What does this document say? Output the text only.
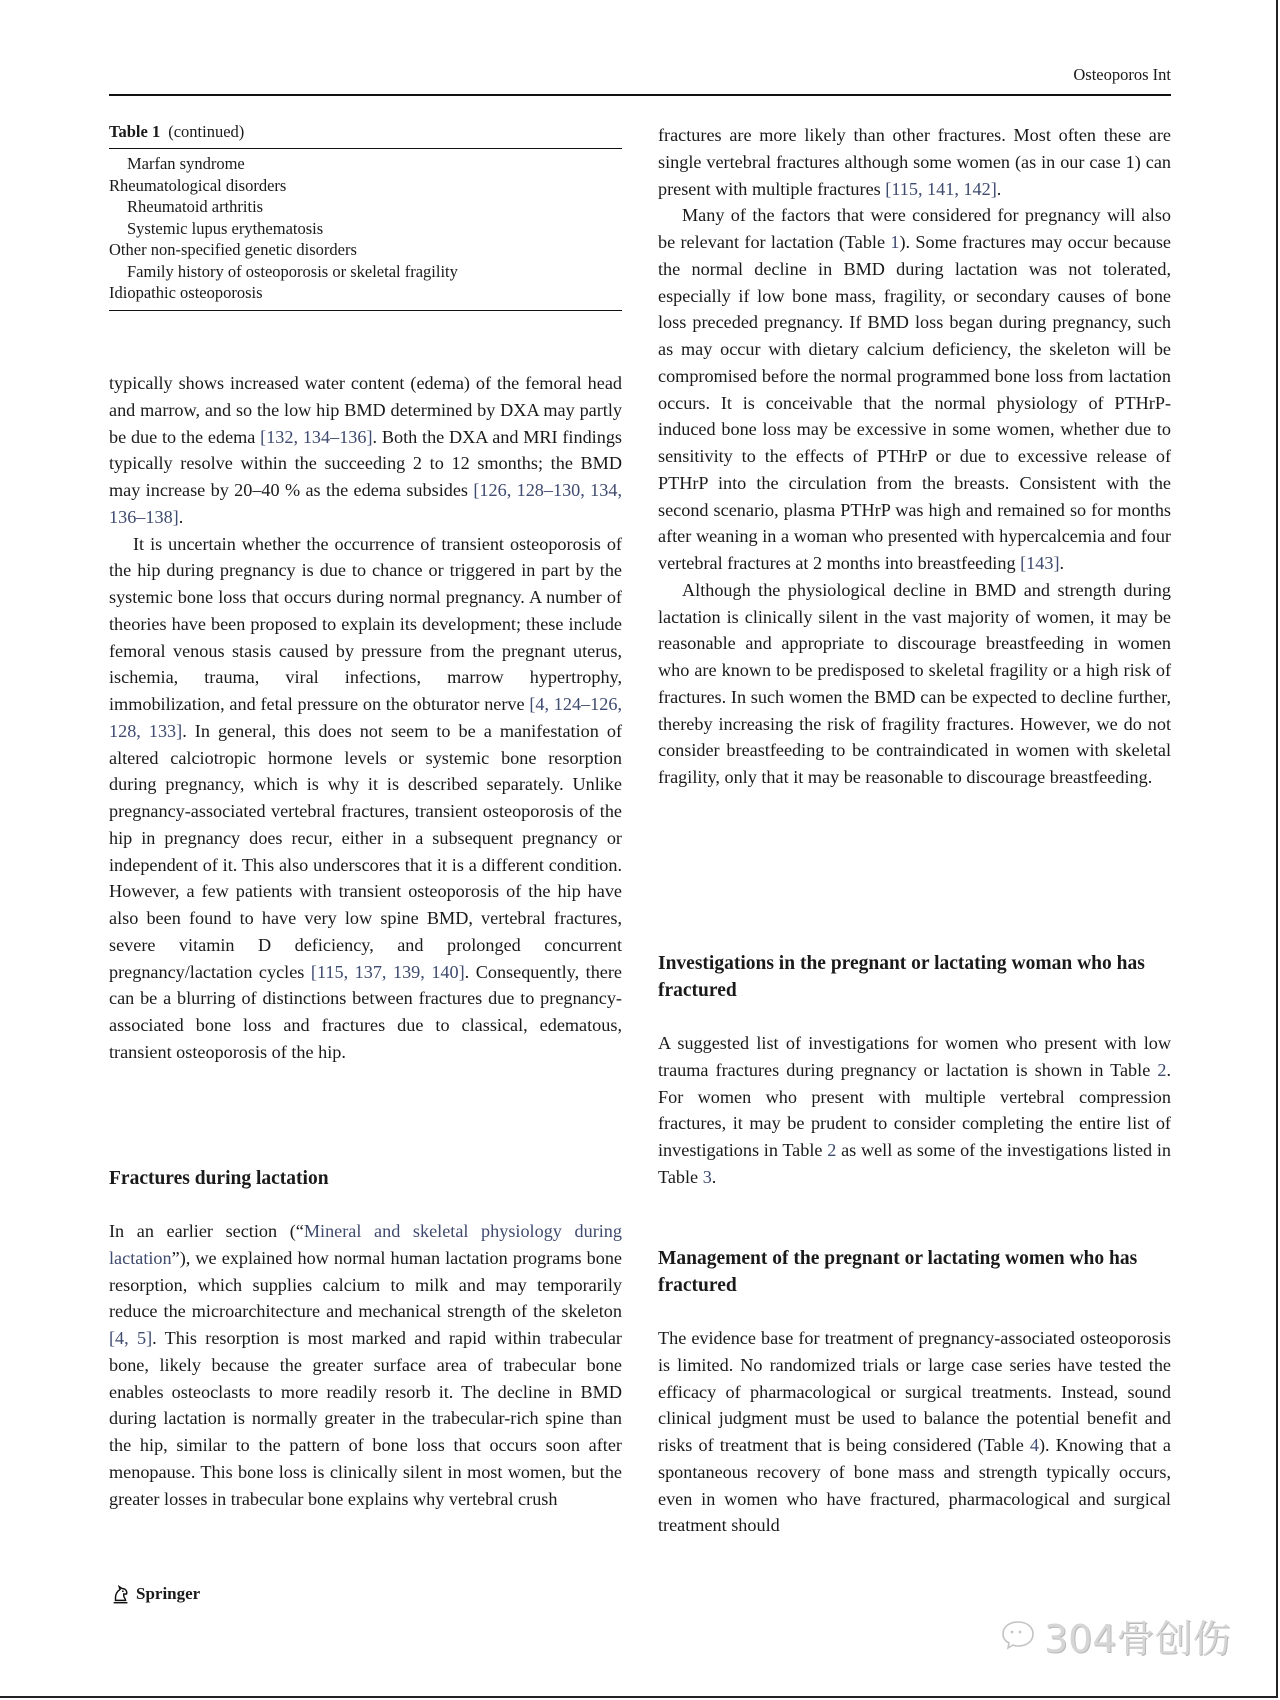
Osteoporos Int
Table 1 (continued)
Marfan syndrome
Rheumatological disorders
Rheumatoid arthritis
Systemic lupus erythematosis
Other non-specified genetic disorders
Family history of osteoporosis or skeletal fragility
Idiopathic osteoporosis

typically shows increased water content (edema) of the femoral head and marrow, and so the low hip BMD determined by DXA may partly be due to the edema [132, 134–136]. Both the DXA and MRI findings typically resolve within the succeeding 2 to 12 smonths; the BMD may increase by 20–40 % as the edema subsides [126, 128–130, 134, 136–138].

It is uncertain whether the occurrence of transient osteoporosis of the hip during pregnancy is due to chance or triggered in part by the systemic bone loss that occurs during normal pregnancy. A number of theories have been proposed to explain its development; these include femoral venous stasis caused by pressure from the pregnant uterus, ischemia, trauma, viral infections, marrow hypertrophy, immobilization, and fetal pressure on the obturator nerve [4, 124–126, 128, 133]. In general, this does not seem to be a manifestation of altered calciotropic hormone levels or systemic bone resorption during pregnancy, which is why it is described separately. Unlike pregnancy-associated vertebral fractures, transient osteoporosis of the hip in pregnancy does recur, either in a subsequent pregnancy or independent of it. This also underscores that it is a different condition. However, a few patients with transient osteoporosis of the hip have also been found to have very low spine BMD, vertebral fractures, severe vitamin D deficiency, and prolonged concurrent pregnancy/lactation cycles [115, 137, 139, 140]. Consequently, there can be a blurring of distinctions between fractures due to pregnancy-associated bone loss and fractures due to classical, edematous, transient osteoporosis of the hip.

Fractures during lactation

In an earlier section (“Mineral and skeletal physiology during lactation”), we explained how normal human lactation programs bone resorption, which supplies calcium to milk and may temporarily reduce the microarchitecture and mechanical strength of the skeleton [4, 5]. This resorption is most marked and rapid within trabecular bone, likely because the greater surface area of trabecular bone enables osteoclasts to more readily resorb it. The decline in BMD during lactation is normally greater in the trabecular-rich spine than the hip, similar to the pattern of bone loss that occurs soon after menopause. This bone loss is clinically silent in most women, but the greater losses in trabecular bone explains why vertebral crush

fractures are more likely than other fractures. Most often these are single vertebral fractures although some women (as in our case 1) can present with multiple fractures [115, 141, 142].

Many of the factors that were considered for pregnancy will also be relevant for lactation (Table 1). Some fractures may occur because the normal decline in BMD during lactation was not tolerated, especially if low bone mass, fragility, or secondary causes of bone loss preceded pregnancy. If BMD loss began during pregnancy, such as may occur with dietary calcium deficiency, the skeleton will be compromised before the normal programmed bone loss from lactation occurs. It is conceivable that the normal physiology of PTHrP-induced bone loss may be excessive in some women, whether due to sensitivity to the effects of PTHrP or due to excessive release of PTHrP into the circulation from the breasts. Consistent with the second scenario, plasma PTHrP was high and remained so for months after weaning in a woman who presented with hypercalcemia and four vertebral fractures at 2 months into breastfeeding [143].

Although the physiological decline in BMD and strength during lactation is clinically silent in the vast majority of women, it may be reasonable and appropriate to discourage breastfeeding in women who are known to be predisposed to skeletal fragility or a high risk of fractures. In such women the BMD can be expected to decline further, thereby increasing the risk of fragility fractures. However, we do not consider breastfeeding to be contraindicated in women with skeletal fragility, only that it may be reasonable to discourage breastfeeding.

Investigations in the pregnant or lactating woman who has fractured

A suggested list of investigations for women who present with low trauma fractures during pregnancy or lactation is shown in Table 2. For women who present with multiple vertebral compression fractures, it may be prudent to consider completing the entire list of investigations in Table 2 as well as some of the investigations listed in Table 3.

Management of the pregnant or lactating women who has fractured

The evidence base for treatment of pregnancy-associated osteoporosis is limited. No randomized trials or large case series have tested the efficacy of pharmacological or surgical treatments. Instead, sound clinical judgment must be used to balance the potential benefit and risks of treatment that is being considered (Table 4). Knowing that a spontaneous recovery of bone mass and strength typically occurs, even in women who have fractured, pharmacological and surgical treatment should

Springer
304骨创伤
